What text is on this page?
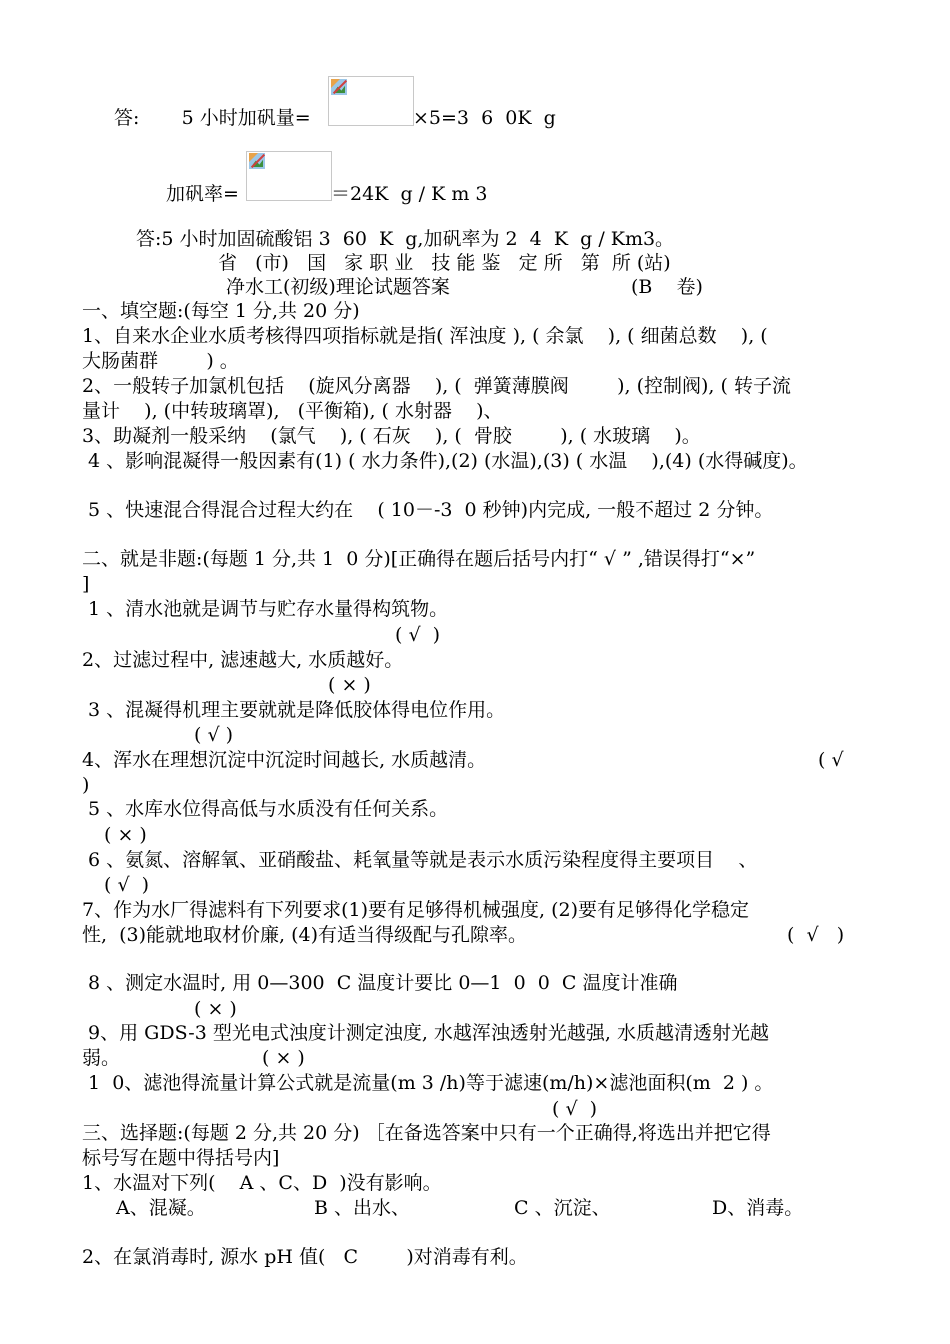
答:       5 小时加矾量=	×5=3  6  0K  g
加矾率=	＝24K  g / K m 3
答:5 小时加固硫酸铝 3  60  K  g,加矾率为 2  4  K  g / Km3。
省   (市)   国   家 职 业   技 能 鉴   定 所   第  所 (站)
净水工(初级)理论试题答案                              (B    卷)
一、填空题:(每空 1 分,共 20 分)
1、自来水企业水质考核得四项指标就是指( 浑浊度 ), ( 余氯    ), ( 细菌总数    ), (
大肠菌群        ) 。
2、一般转子加氯机包括    (旋风分离器    ), (  弹簧薄膜阀        ), (控制阀), ( 转子流
量计    ), (中转玻璃罩),   (平衡箱), ( 水射器    )、
3、助凝剂一般采纳    (氯气    ), ( 石灰    ), (  骨胶        ), ( 水玻璃    )。
4 、影响混凝得一般因素有(1) ( 水力条件),(2) (水温),(3) ( 水温    ),(4) (水得碱度)。
5 、快速混合得混合过程大约在    ( 10－-3  0 秒钟)内完成, 一般不超过 2 分钟。
二、就是非题:(每题 1 分,共 1  0 分)[正确得在题后括号内打“ √ ” ,错误得打“×”
]
1 、清水池就是调节与贮存水量得构筑物。
( √  )
2、过滤过程中, 滤速越大, 水质越好。
( × )
3 、混凝得机理主要就就是降低胶体得电位作用。
( √ )
4、浑水在理想沉淀中沉淀时间越长, 水质越清。	( √
)
5 、水库水位得高低与水质没有任何关系。
( × )
6 、氨氮、溶解氧、亚硝酸盐、耗氧量等就是表示水质污染程度得主要项目    、
( √  )
7、作为水厂得滤料有下列要求(1)要有足够得机械强度, (2)要有足够得化学稳定
性,  (3)能就地取材价廉, (4)有适当得级配与孔隙率。	(  √   )
8 、测定水温时, 用 0—300  C 温度计要比 0—1  0  0  C 温度计准确
( × )
9、用 GDS-3 型光电式浊度计测定浊度, 水越浑浊透射光越强, 水质越清透射光越
弱。	( × )
1  0、滤池得流量计算公式就是流量(m 3 /h)等于滤速(m/h)×滤池面积(m  2 ) 。
( √  )
三、选择题:(每题 2 分,共 20 分) ［在备选答案中只有一个正确得,将选出并把它得
标号写在题中得括号内]
1、水温对下列(    A 、C、D  )没有影响。
A、混凝。	B 、出水、	C 、沉淀、	D、消毒。
2、在氯消毒时, 源水 pH 值(   C        )对消毒有利。
